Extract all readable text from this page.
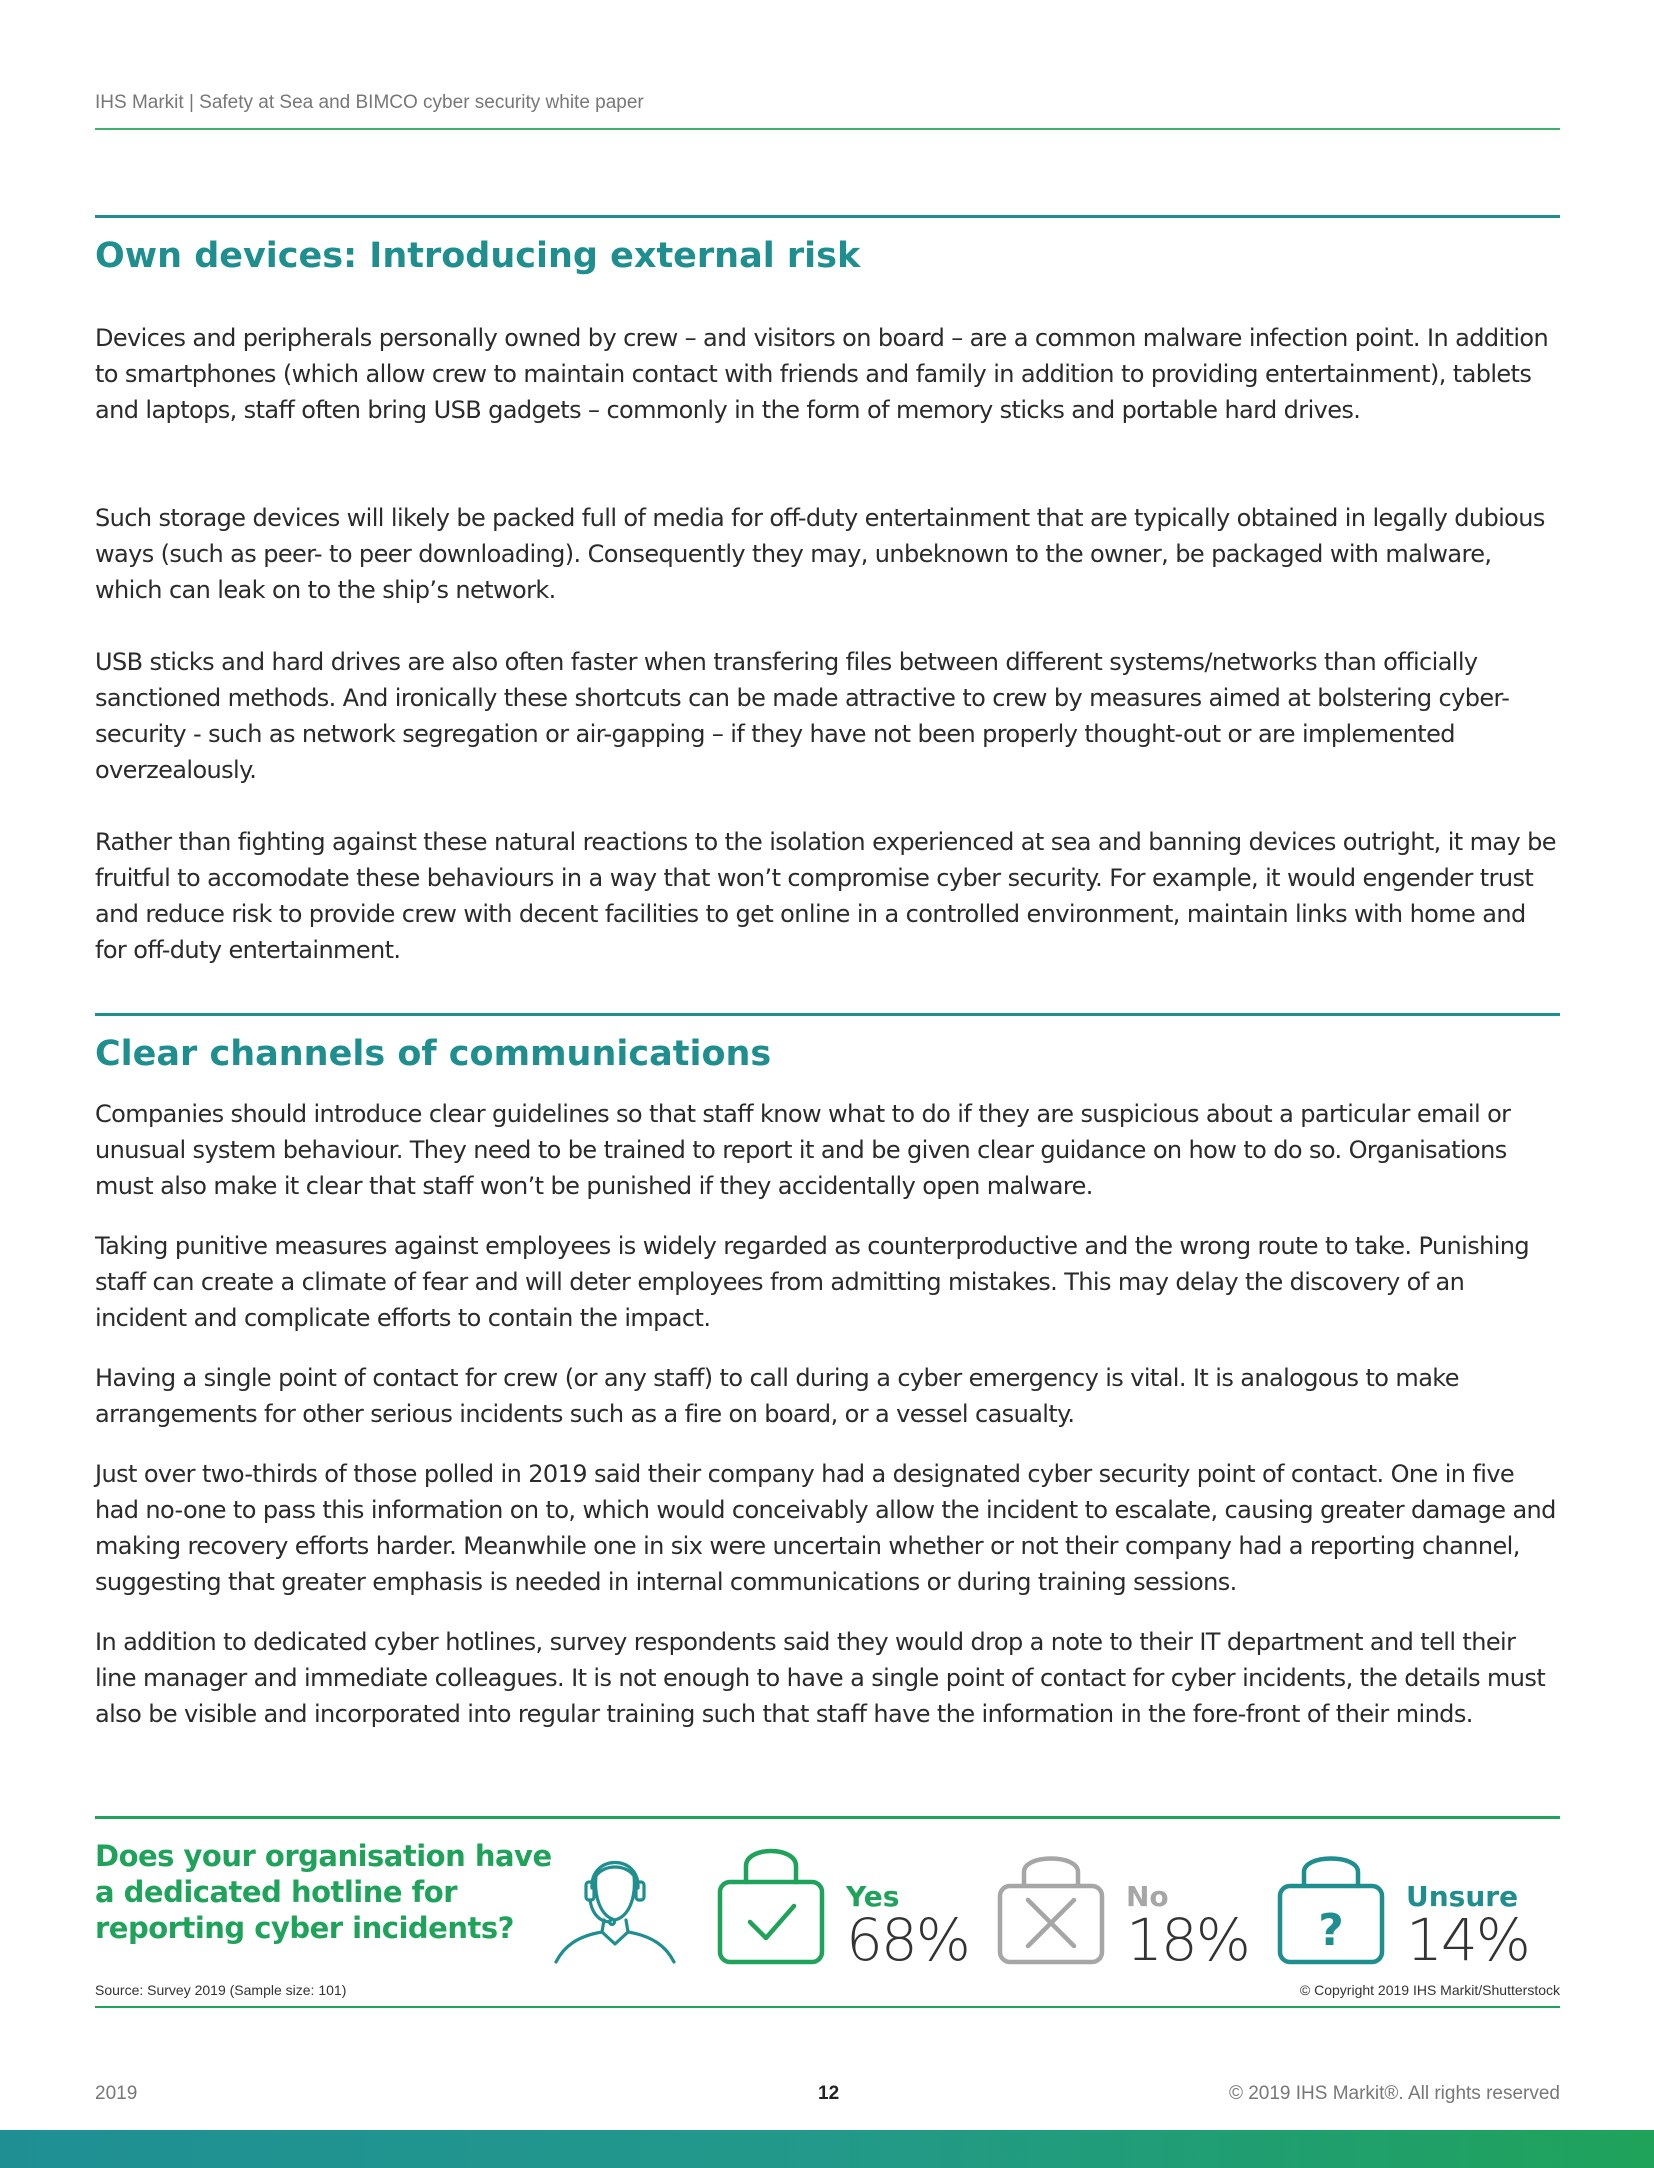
IHS Markit | Safety at Sea and BIMCO cyber security white paper
Own devices: Introducing external risk

Devices and peripherals personally owned by crew – and visitors on board – are a common malware infection point. In addition to smartphones (which allow crew to maintain contact with friends and family in addition to providing entertainment), tablets and laptops, staff often bring USB gadgets – commonly in the form of memory sticks and portable hard drives.

Such storage devices will likely be packed full of media for off-duty entertainment that are typically obtained in legally dubious ways (such as peer- to peer downloading). Consequently they may, unbeknown to the owner, be packaged with malware, which can leak on to the ship’s network.

USB sticks and hard drives are also often faster when transfering files between different systems/networks than officially sanctioned methods. And ironically these shortcuts can be made attractive to crew by measures aimed at bolstering cyber-security - such as network segregation or air-gapping – if they have not been properly thought-out or are implemented overzealously.

Rather than fighting against these natural reactions to the isolation experienced at sea and banning devices outright, it may be fruitful to accomodate these behaviours in a way that won’t compromise cyber security. For example, it would engender trust and reduce risk to provide crew with decent facilities to get online in a controlled environment, maintain links with home and for off-duty entertainment.

Clear channels of communications

Companies should introduce clear guidelines so that staff know what to do if they are suspicious about a particular email or unusual system behaviour. They need to be trained to report it and be given clear guidance on how to do so. Organisations must also make it clear that staff won’t be punished if they accidentally open malware.

Taking punitive measures against employees is widely regarded as counterproductive and the wrong route to take. Punishing staff can create a climate of fear and will deter employees from admitting mistakes. This may delay the discovery of an incident and complicate efforts to contain the impact.

Having a single point of contact for crew (or any staff) to call during a cyber emergency is vital. It is analogous to make arrangements for other serious incidents such as a fire on board, or a vessel casualty.

Just over two-thirds of those polled in 2019 said their company had a designated cyber security point of contact. One in five had no-one to pass this information on to, which would conceivably allow the incident to escalate, causing greater damage and making recovery efforts harder. Meanwhile one in six were uncertain whether or not their company had a reporting channel, suggesting that greater emphasis is needed in internal communications or during training sessions.

In addition to dedicated cyber hotlines, survey respondents said they would drop a note to their IT department and tell their line manager and immediate colleagues. It is not enough to have a single point of contact for cyber incidents, the details must also be visible and incorporated into regular training such that staff have the information in the fore-front of their minds.

Does your organisation have a dedicated hotline for reporting cyber incidents?

Yes
68%
No
18% ?
Unsure
14%
Source: Survey 2019 (Sample size: 101)	© Copyright 2019 IHS Markit/Shutterstock
2019	12	© 2019 IHS Markit®. All rights reserved
